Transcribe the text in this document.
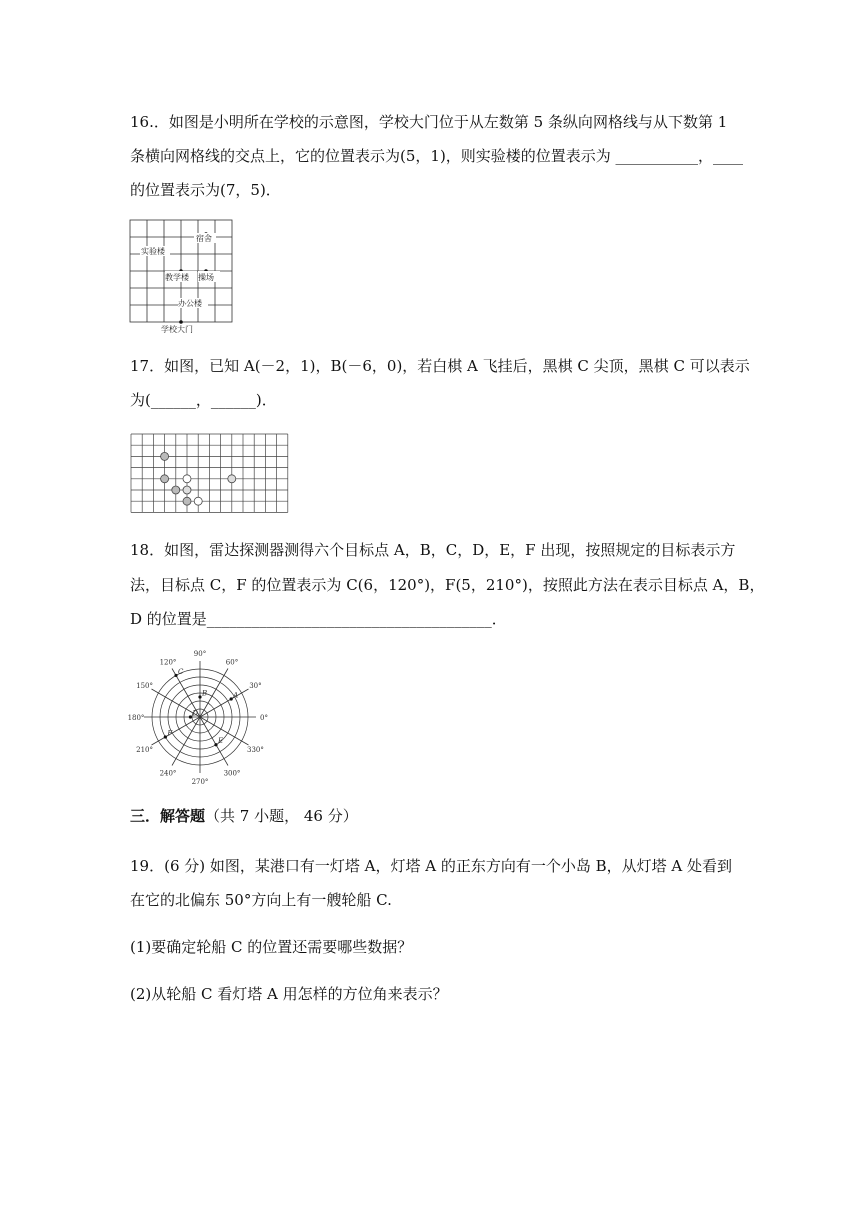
16.．如图是小明所在学校的示意图，学校大门位于从左数第 5 条纵向网格线与从下数第 1
条横向网格线的交点上，它的位置表示为(5，1)，则实验楼的位置表示为 ___________，____
的位置表示为(7，5)．
宿舍
实验楼
教学楼 操场
办公楼
学校大门
17．如图，已知 A(－2，1)，B(－6，0)，若白棋 A 飞挂后，黑棋 C 尖顶，黑棋 C 可以表示
为(______，______)．
18．如图，雷达探测器测得六个目标点 A，B，C，D，E，F 出现，按照规定的目标表示方
法，目标点 C，F 的位置表示为 C(6，120°)，F(5，210°)，按照此方法在表示目标点 A，B，
D 的位置是______________________________________．
0°
30°
60°
90°
120°
150°
180°
210°
240°
270°
300°
330°
A
B
C
D
E
F
三．解答题（共 7 小题， 46 分）
19．(6 分) 如图，某港口有一灯塔 A，灯塔 A 的正东方向有一个小岛 B，从灯塔 A 处看到
在它的北偏东 50°方向上有一艘轮船 C.
(1)要确定轮船 C 的位置还需要哪些数据？
(2)从轮船 C 看灯塔 A 用怎样的方位角来表示？
